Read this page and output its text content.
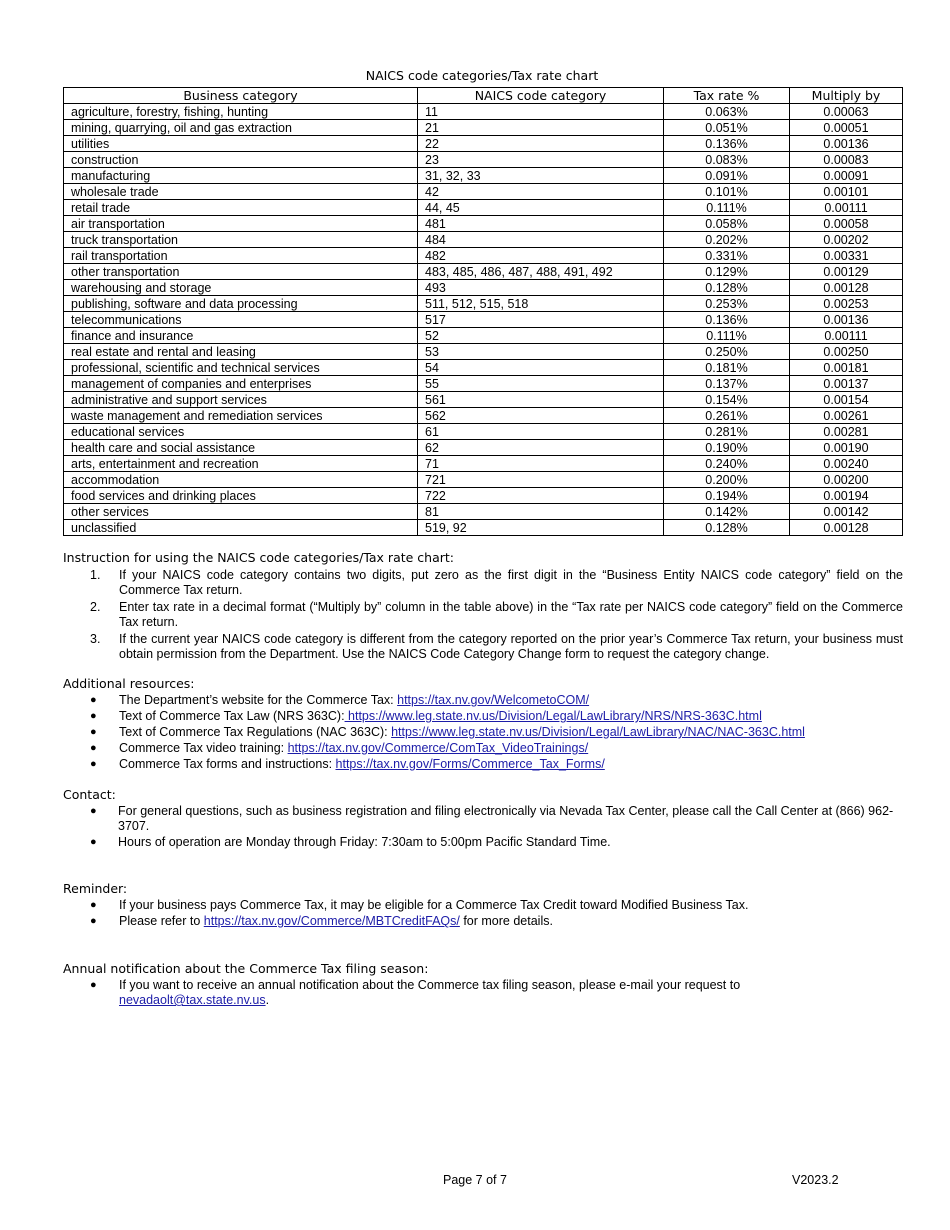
NAICS code categories/Tax rate chart
Business category	NAICS code category	Tax rate %	Multiply by
agriculture, forestry, fishing, hunting	11	0.063%	0.00063
mining, quarrying, oil and gas extraction	21	0.051%	0.00051
utilities	22	0.136%	0.00136
construction	23	0.083%	0.00083
manufacturing	31, 32, 33	0.091%	0.00091
wholesale trade	42	0.101%	0.00101
retail trade	44, 45	0.111%	0.00111
air transportation	481	0.058%	0.00058
truck transportation	484	0.202%	0.00202
rail transportation	482	0.331%	0.00331
other transportation	483, 485, 486, 487, 488, 491, 492	0.129%	0.00129
warehousing and storage	493	0.128%	0.00128
publishing, software and data processing	511, 512, 515, 518	0.253%	0.00253
telecommunications	517	0.136%	0.00136
finance and insurance	52	0.111%	0.00111
real estate and rental and leasing	53	0.250%	0.00250
professional, scientific and technical services	54	0.181%	0.00181
management of companies and enterprises	55	0.137%	0.00137
administrative and support services	561	0.154%	0.00154
waste management and remediation services	562	0.261%	0.00261
educational services	61	0.281%	0.00281
health care and social assistance	62	0.190%	0.00190
arts, entertainment and recreation	71	0.240%	0.00240
accommodation	721	0.200%	0.00200
food services and drinking places	722	0.194%	0.00194
other services	81	0.142%	0.00142
unclassified	519, 92	0.128%	0.00128
Instruction for using the NAICS code categories/Tax rate chart:
1. If your NAICS code category contains two digits, put zero as the first digit in the “Business Entity NAICS code category” field on the Commerce Tax return.
2. Enter tax rate in a decimal format (“Multiply by” column in the table above) in the “Tax rate per NAICS code category” field on the Commerce Tax return.
3. If the current year NAICS code category is different from the category reported on the prior year’s Commerce Tax return, your business must obtain permission from the Department. Use the NAICS Code Category Change form to request the category change.
Additional resources:
● The Department’s website for the Commerce Tax: https://tax.nv.gov/WelcometoCOM/
● Text of Commerce Tax Law (NRS 363C): https://www.leg.state.nv.us/Division/Legal/LawLibrary/NRS/NRS-363C.html
● Text of Commerce Tax Regulations (NAC 363C): https://www.leg.state.nv.us/Division/Legal/LawLibrary/NAC/NAC-363C.html
● Commerce Tax video training: https://tax.nv.gov/Commerce/ComTax_VideoTrainings/
● Commerce Tax forms and instructions: https://tax.nv.gov/Forms/Commerce_Tax_Forms/
Contact:
● For general questions, such as business registration and filing electronically via Nevada Tax Center, please call the Call Center at (866) 962-3707.
● Hours of operation are Monday through Friday: 7:30am to 5:00pm Pacific Standard Time.
Reminder:
● If your business pays Commerce Tax, it may be eligible for a Commerce Tax Credit toward Modified Business Tax.
● Please refer to https://tax.nv.gov/Commerce/MBTCreditFAQs/ for more details.
Annual notification about the Commerce Tax filing season:
● If you want to receive an annual notification about the Commerce tax filing season, please e-mail your request to nevadaolt@tax.state.nv.us.
Page 7 of 7	V2023.2
